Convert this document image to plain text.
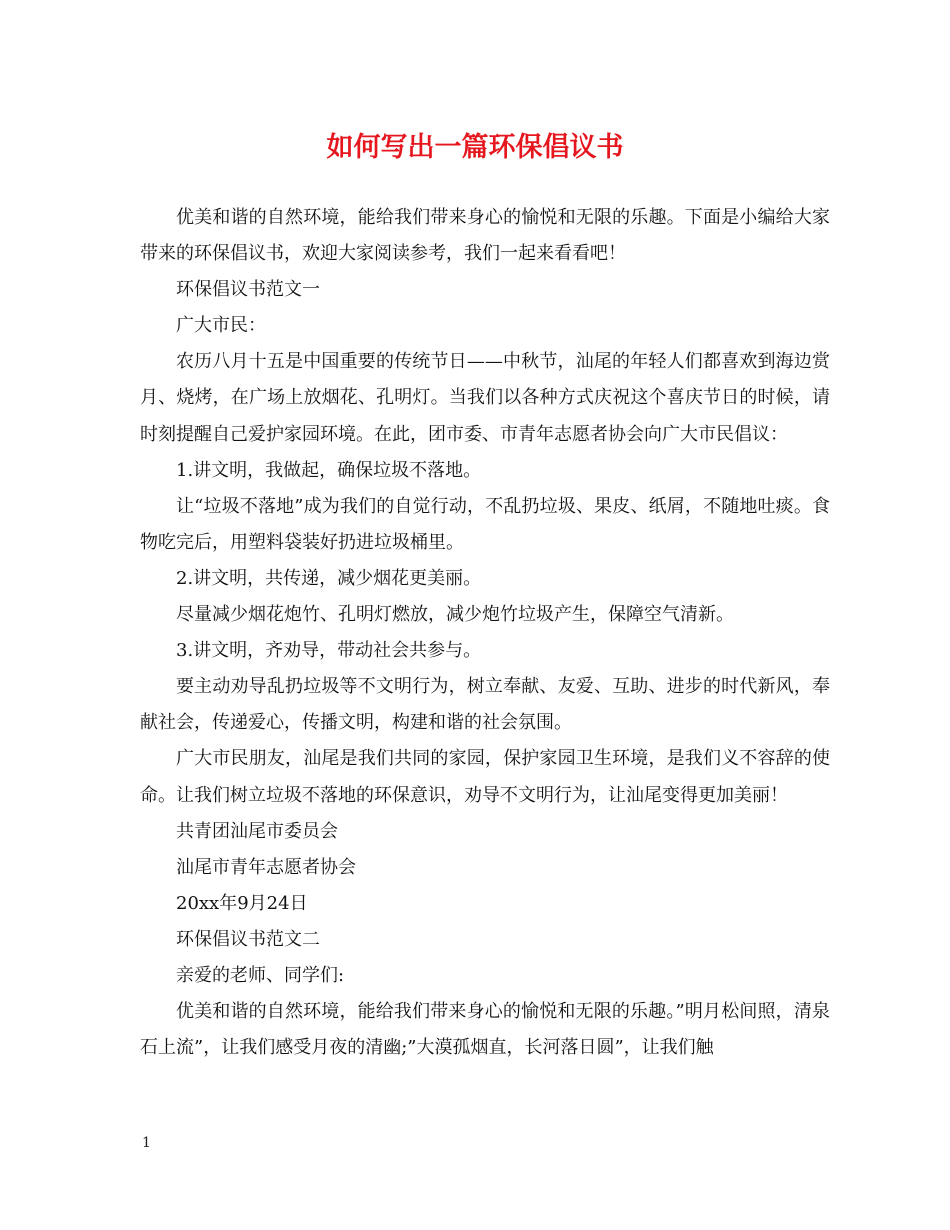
如何写出一篇环保倡议书

优美和谐的自然环境，能给我们带来身心的愉悦和无限的乐趣。下面是小编给大家带来的环保倡议书，欢迎大家阅读参考，我们一起来看看吧！

环保倡议书范文一

广大市民：

农历八月十五是中国重要的传统节日——中秋节，汕尾的年轻人们都喜欢到海边赏月、烧烤，在广场上放烟花、孔明灯。当我们以各种方式庆祝这个喜庆节日的时候，请时刻提醒自己爱护家园环境。在此，团市委、市青年志愿者协会向广大市民倡议：

1.讲文明，我做起，确保垃圾不落地。

让“垃圾不落地”成为我们的自觉行动，不乱扔垃圾、果皮、纸屑，不随地吐痰。食物吃完后，用塑料袋装好扔进垃圾桶里。

2.讲文明，共传递，减少烟花更美丽。

尽量减少烟花炮竹、孔明灯燃放，减少炮竹垃圾产生，保障空气清新。

3.讲文明，齐劝导，带动社会共参与。

要主动劝导乱扔垃圾等不文明行为，树立奉献、友爱、互助、进步的时代新风，奉献社会，传递爱心，传播文明，构建和谐的社会氛围。

广大市民朋友，汕尾是我们共同的家园，保护家园卫生环境，是我们义不容辞的使命。让我们树立垃圾不落地的环保意识，劝导不文明行为，让汕尾变得更加美丽！

共青团汕尾市委员会

汕尾市青年志愿者协会

20xx年9月24日

环保倡议书范文二

亲爱的老师、同学们:

优美和谐的自然环境，能给我们带来身心的愉悦和无限的乐趣。”明月松间照，清泉石上流”，让我们感受月夜的清幽;”大漠孤烟直，长河落日圆”，让我们触

1
